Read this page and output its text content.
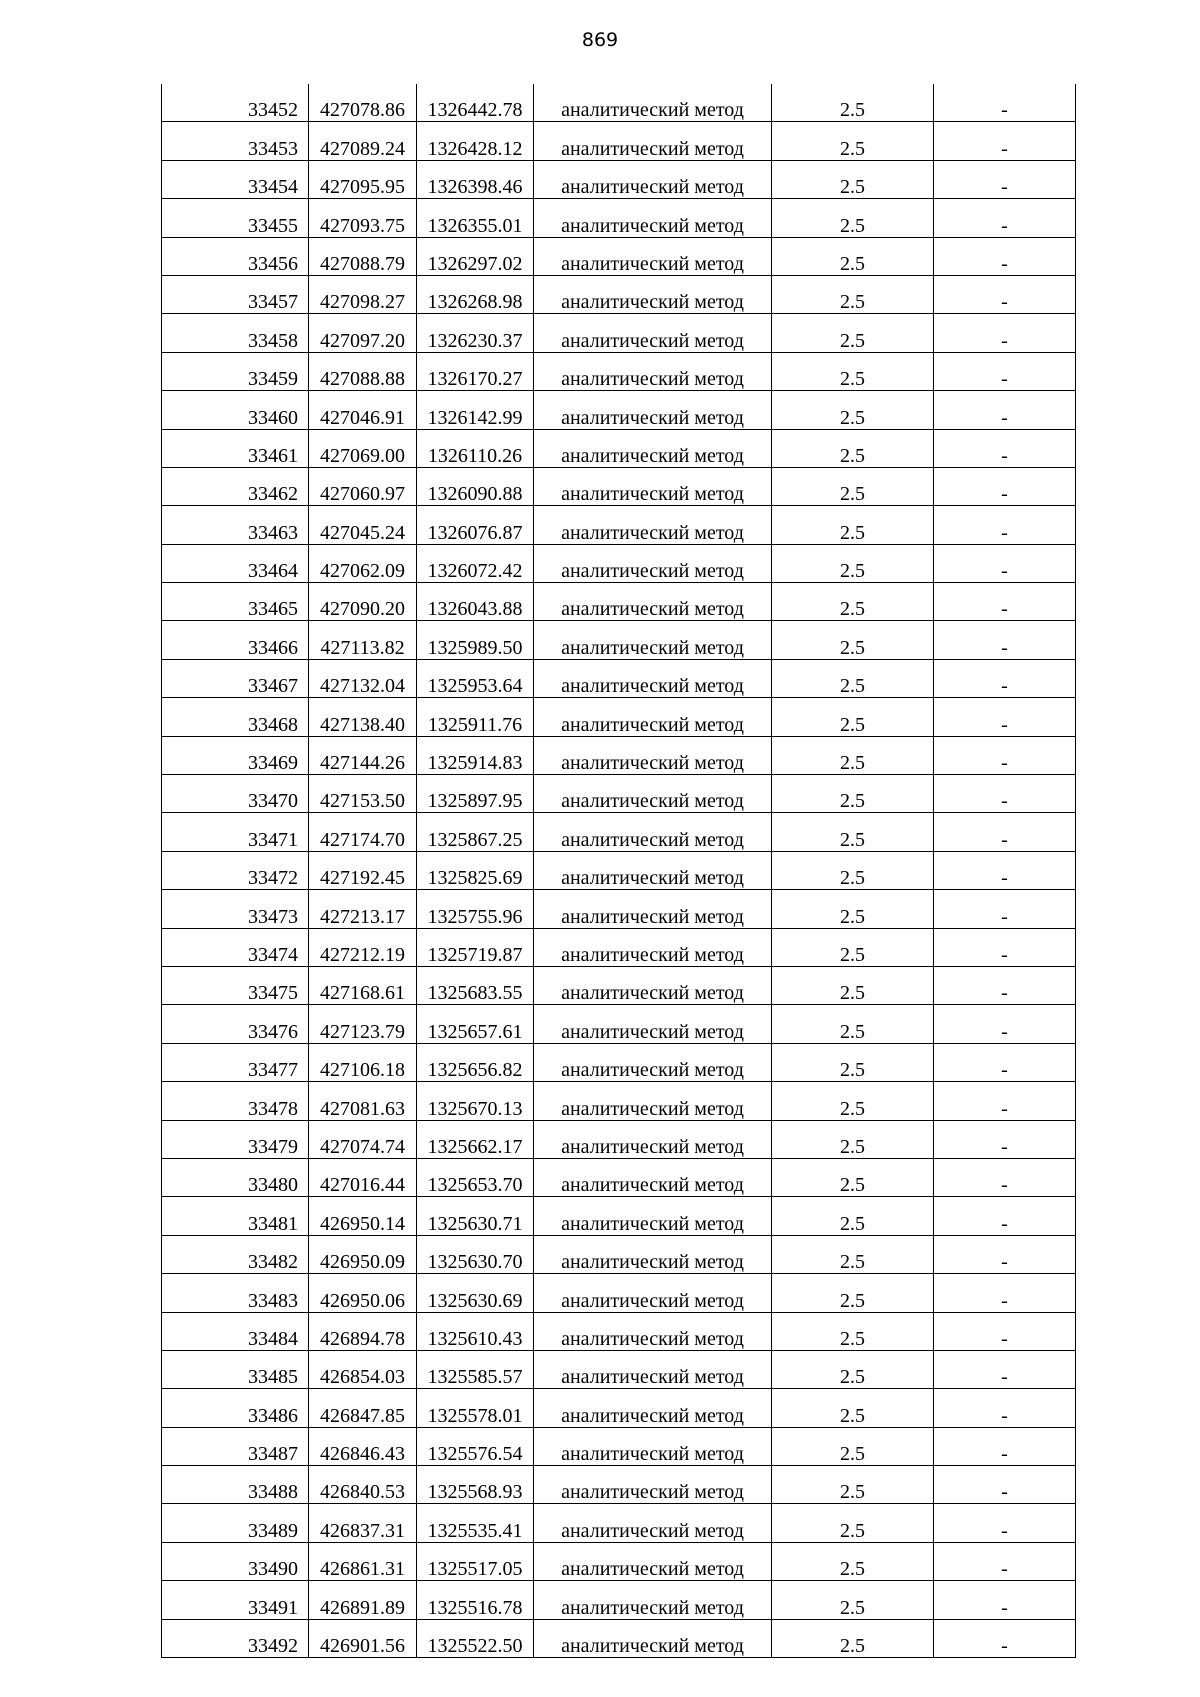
869
33452	427078.86	1326442.78	аналитический метод	2.5	-
33453	427089.24	1326428.12	аналитический метод	2.5	-
33454	427095.95	1326398.46	аналитический метод	2.5	-
33455	427093.75	1326355.01	аналитический метод	2.5	-
33456	427088.79	1326297.02	аналитический метод	2.5	-
33457	427098.27	1326268.98	аналитический метод	2.5	-
33458	427097.20	1326230.37	аналитический метод	2.5	-
33459	427088.88	1326170.27	аналитический метод	2.5	-
33460	427046.91	1326142.99	аналитический метод	2.5	-
33461	427069.00	1326110.26	аналитический метод	2.5	-
33462	427060.97	1326090.88	аналитический метод	2.5	-
33463	427045.24	1326076.87	аналитический метод	2.5	-
33464	427062.09	1326072.42	аналитический метод	2.5	-
33465	427090.20	1326043.88	аналитический метод	2.5	-
33466	427113.82	1325989.50	аналитический метод	2.5	-
33467	427132.04	1325953.64	аналитический метод	2.5	-
33468	427138.40	1325911.76	аналитический метод	2.5	-
33469	427144.26	1325914.83	аналитический метод	2.5	-
33470	427153.50	1325897.95	аналитический метод	2.5	-
33471	427174.70	1325867.25	аналитический метод	2.5	-
33472	427192.45	1325825.69	аналитический метод	2.5	-
33473	427213.17	1325755.96	аналитический метод	2.5	-
33474	427212.19	1325719.87	аналитический метод	2.5	-
33475	427168.61	1325683.55	аналитический метод	2.5	-
33476	427123.79	1325657.61	аналитический метод	2.5	-
33477	427106.18	1325656.82	аналитический метод	2.5	-
33478	427081.63	1325670.13	аналитический метод	2.5	-
33479	427074.74	1325662.17	аналитический метод	2.5	-
33480	427016.44	1325653.70	аналитический метод	2.5	-
33481	426950.14	1325630.71	аналитический метод	2.5	-
33482	426950.09	1325630.70	аналитический метод	2.5	-
33483	426950.06	1325630.69	аналитический метод	2.5	-
33484	426894.78	1325610.43	аналитический метод	2.5	-
33485	426854.03	1325585.57	аналитический метод	2.5	-
33486	426847.85	1325578.01	аналитический метод	2.5	-
33487	426846.43	1325576.54	аналитический метод	2.5	-
33488	426840.53	1325568.93	аналитический метод	2.5	-
33489	426837.31	1325535.41	аналитический метод	2.5	-
33490	426861.31	1325517.05	аналитический метод	2.5	-
33491	426891.89	1325516.78	аналитический метод	2.5	-
33492	426901.56	1325522.50	аналитический метод	2.5	-
